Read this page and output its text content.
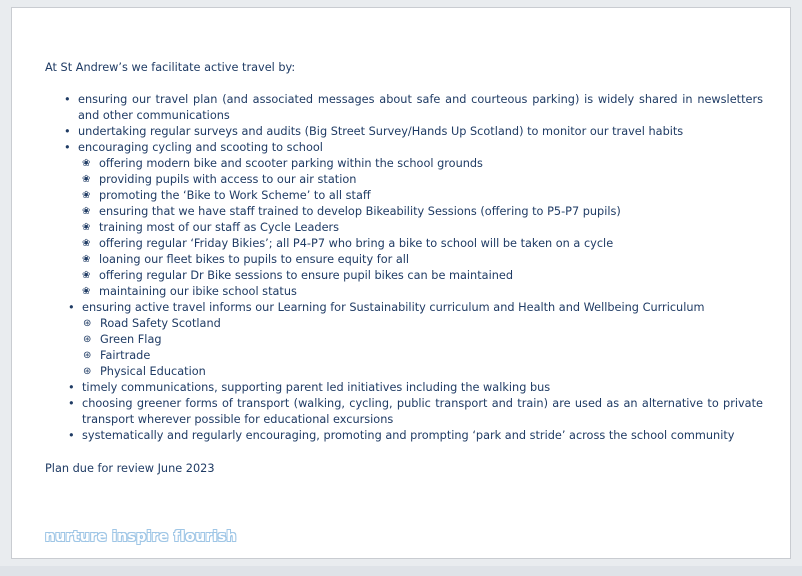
At St Andrew’s we facilitate active travel by:
• ensuring our travel plan (and associated messages about safe and courteous parking) is widely shared in newsletters and other communications
• undertaking regular surveys and audits (Big Street Survey/Hands Up Scotland) to monitor our travel habits
• encouraging cycling and scooting to school
❀ offering modern bike and scooter parking within the school grounds
❀ providing pupils with access to our air station
❀ promoting the ‘Bike to Work Scheme’ to all staff
❀ ensuring that we have staff trained to develop Bikeability Sessions (offering to P5-P7 pupils)
❀ training most of our staff as Cycle Leaders
❀ offering regular ‘Friday Bikies’; all P4-P7 who bring a bike to school will be taken on a cycle
❀ loaning our fleet bikes to pupils to ensure equity for all
❀ offering regular Dr Bike sessions to ensure pupil bikes can be maintained
❀ maintaining our ibike school status
• ensuring active travel informs our Learning for Sustainability curriculum and Health and Wellbeing Curriculum
⊛ Road Safety Scotland
⊛ Green Flag
⊛ Fairtrade
⊛ Physical Education
• timely communications, supporting parent led initiatives including the walking bus
• choosing greener forms of transport (walking, cycling, public transport and train) are used as an alternative to private transport wherever possible for educational excursions
• systematically and regularly encouraging, promoting and prompting ‘park and stride’ across the school community
Plan due for review June 2023
nurture inspire flourish
